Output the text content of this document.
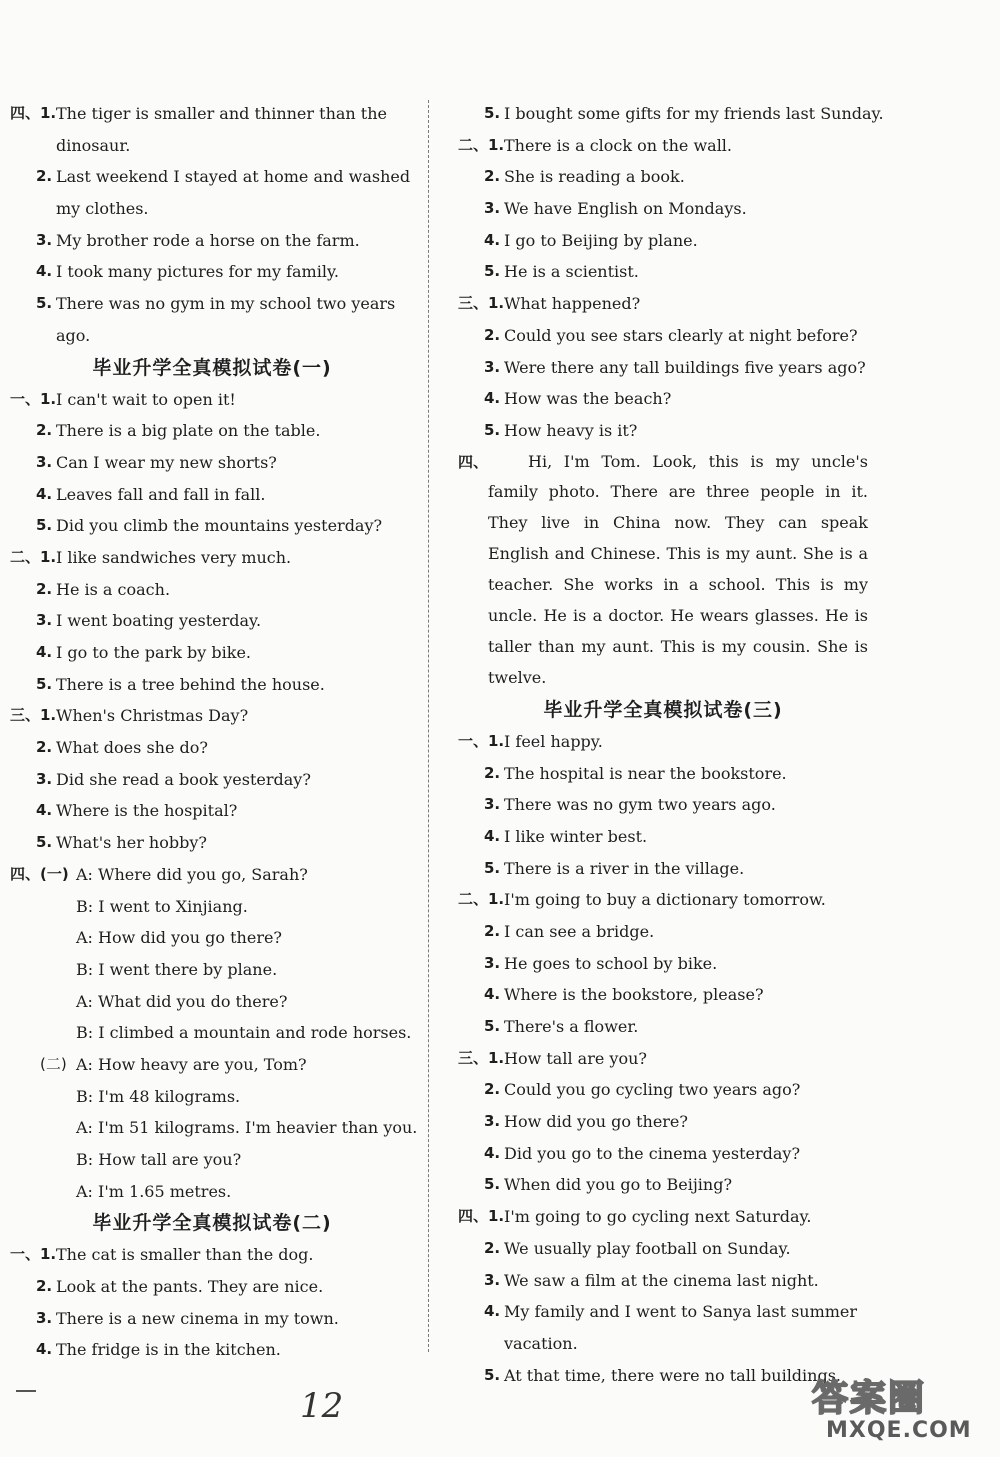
四、1. The tiger is smaller and thinner than the
dinosaur.
2. Last weekend I stayed at home and washed
my clothes.
3. My brother rode a horse on the farm.
4. I took many pictures for my family.
5. There was no gym in my school two years
ago.
毕业升学全真模拟试卷(一)
一、1. I can't wait to open it!
2. There is a big plate on the table.
3. Can I wear my new shorts?
4. Leaves fall and fall in fall.
5. Did you climb the mountains yesterday?
二、1. I like sandwiches very much.
2. He is a coach.
3. I went boating yesterday.
4. I go to the park by bike.
5. There is a tree behind the house.
三、1. When's Christmas Day?
2. What does she do?
3. Did she read a book yesterday?
4. Where is the hospital?
5. What's her hobby?
四、(一) A: Where did you go, Sarah?
B: I went to Xinjiang.
A: How did you go there?
B: I went there by plane.
A: What did you do there?
B: I climbed a mountain and rode horses.
(二) A: How heavy are you, Tom?
B: I'm 48 kilograms.
A: I'm 51 kilograms. I'm heavier than you.
B: How tall are you?
A: I'm 1.65 metres.
毕业升学全真模拟试卷(二)
一、1. The cat is smaller than the dog.
2. Look at the pants. They are nice.
3. There is a new cinema in my town.
4. The fridge is in the kitchen.
5. I bought some gifts for my friends last Sunday.
二、1. There is a clock on the wall.
2. She is reading a book.
3. We have English on Mondays.
4. I go to Beijing by plane.
5. He is a scientist.
三、1. What happened?
2. Could you see stars clearly at night before?
3. Were there any tall buildings five years ago?
4. How was the beach?
5. How heavy is it?
四、 Hi, I'm Tom. Look, this is my uncle's family photo. There are three people in it. They live in China now. They can speak English and Chinese. This is my aunt. She is a teacher. She works in a school. This is my uncle. He is a doctor. He wears glasses. He is taller than my aunt. This is my cousin. She is twelve.
毕业升学全真模拟试卷(三)
一、1. I feel happy.
2. The hospital is near the bookstore.
3. There was no gym two years ago.
4. I like winter best.
5. There is a river in the village.
二、1. I'm going to buy a dictionary tomorrow.
2. I can see a bridge.
3. He goes to school by bike.
4. Where is the bookstore, please?
5. There's a flower.
三、1. How tall are you?
2. Could you go cycling two years ago?
3. How did you go there?
4. Did you go to the cinema yesterday?
5. When did you go to Beijing?
四、1. I'm going to go cycling next Saturday.
2. We usually play football on Sunday.
3. We saw a film at the cinema last night.
4. My family and I went to Sanya last summer
vacation.
5. At that time, there were no tall buildings.
12	答案圈
MXQE.COM
